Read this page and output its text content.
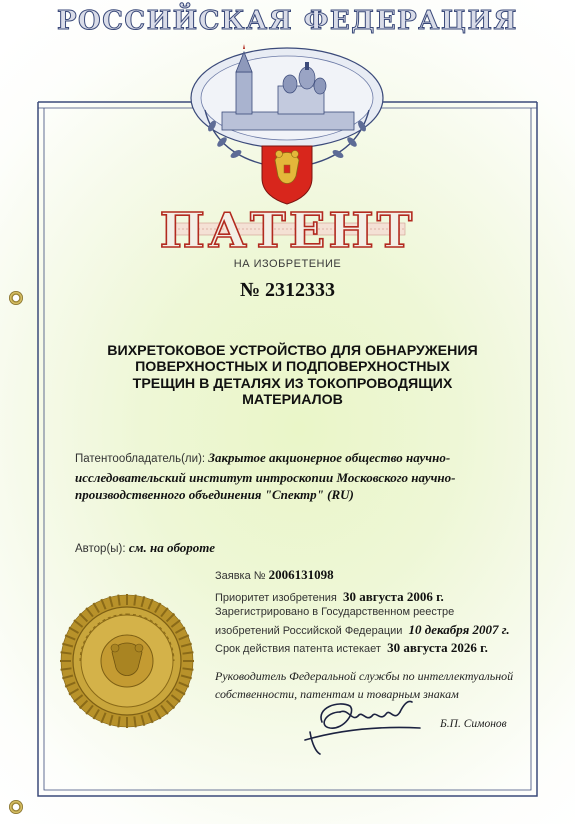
РОССИЙСКАЯ ФЕДЕРАЦИЯ
ПАТЕНТ
НА ИЗОБРЕТЕНИЕ
№ 2312333
ВИХРЕТОКОВОЕ УСТРОЙСТВО ДЛЯ ОБНАРУЖЕНИЯ
ПОВЕРХНОСТНЫХ И ПОДПОВЕРХНОСТНЫХ
ТРЕЩИН В ДЕТАЛЯХ ИЗ ТОКОПРОВОДЯЩИХ
МАТЕРИАЛОВ
Патентообладатель(ли): Закрытое акционерное общество научно-исследовательский институт интроскопии Московского научно-производственного объединения "Спектр" (RU)
Автор(ы): см. на обороте
Заявка № 2006131098
Приоритет изобретения 30 августа 2006 г.
Зарегистрировано в Государственном реестре
изобретений Российской Федерации 10 декабря 2007 г.
Срок действия патента истекает 30 августа 2026 г.
Руководитель Федеральной службы по интеллектуальной собственности, патентам и товарным знакам
Б.П. Симонов
